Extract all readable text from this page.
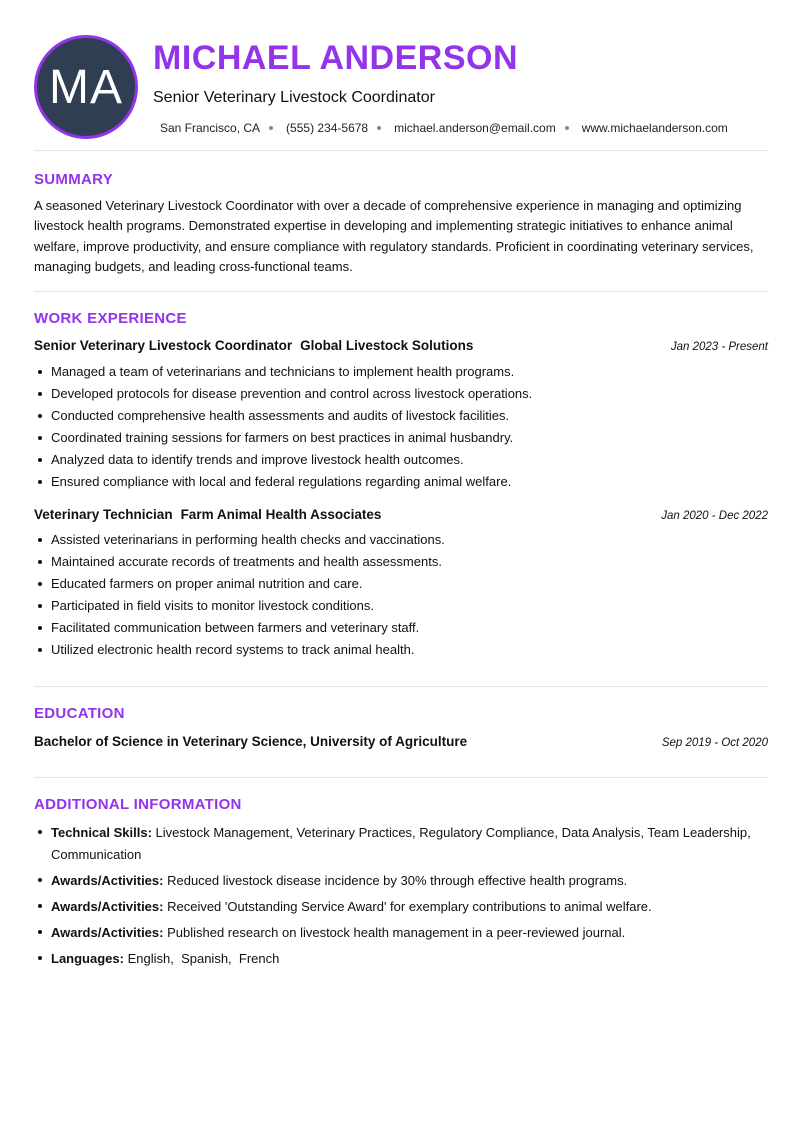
MA
MICHAEL ANDERSON
Senior Veterinary Livestock Coordinator
San Francisco, CA (555) 234-5678 michael.anderson@email.com www.michaelanderson.com
SUMMARY

A seasoned Veterinary Livestock Coordinator with over a decade of comprehensive experience in managing and optimizing livestock health programs. Demonstrated expertise in developing and implementing strategic initiatives to enhance animal welfare, improve productivity, and ensure compliance with regulatory standards. Proficient in coordinating veterinary services, managing budgets, and leading cross-functional teams.

WORK EXPERIENCE
Senior Veterinary Livestock Coordinator Global Livestock Solutions	Jan 2023 - Present
Managed a team of veterinarians and technicians to implement health programs.
Developed protocols for disease prevention and control across livestock operations.
Conducted comprehensive health assessments and audits of livestock facilities.
Coordinated training sessions for farmers on best practices in animal husbandry.
Analyzed data to identify trends and improve livestock health outcomes.
Ensured compliance with local and federal regulations regarding animal welfare.
Veterinary Technician Farm Animal Health Associates	Jan 2020 - Dec 2022
Assisted veterinarians in performing health checks and vaccinations.
Maintained accurate records of treatments and health assessments.
Educated farmers on proper animal nutrition and care.
Participated in field visits to monitor livestock conditions.
Facilitated communication between farmers and veterinary staff.
Utilized electronic health record systems to track animal health.
EDUCATION
Bachelor of Science in Veterinary Science, University of Agriculture	Sep 2019 - Oct 2020
ADDITIONAL INFORMATION
Technical Skills: Livestock Management, Veterinary Practices, Regulatory Compliance, Data Analysis, Team Leadership, Communication
Awards/Activities: Reduced livestock disease incidence by 30% through effective health programs.
Awards/Activities: Received 'Outstanding Service Award' for exemplary contributions to animal welfare.
Awards/Activities: Published research on livestock health management in a peer-reviewed journal.
Languages: English,  Spanish,  French
